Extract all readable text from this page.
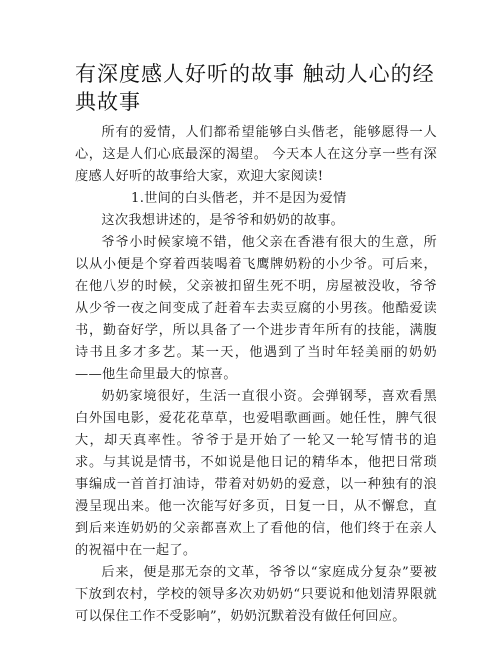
有深度感人好听的故事 触动人心的经典故事

所有的爱情，人们都希望能够白头偕老，能够愿得一人心，这是人们心底最深的渴望。 今天本人在这分享一些有深度感人好听的故事给大家，欢迎大家阅读!

1.世间的白头偕老，并不是因为爱情

这次我想讲述的，是爷爷和奶奶的故事。

爷爷小时候家境不错，他父亲在香港有很大的生意，所以从小便是个穿着西装喝着飞鹰牌奶粉的小少爷。可后来，在他八岁的时候，父亲被扣留生死不明，房屋被没收，爷爷从少爷一夜之间变成了赶着车去卖豆腐的小男孩。他酷爱读书，勤奋好学，所以具备了一个进步青年所有的技能，满腹诗书且多才多艺。某一天，他遇到了当时年轻美丽的奶奶——他生命里最大的惊喜。

奶奶家境很好，生活一直很小资。会弹钢琴，喜欢看黑白外国电影，爱花花草草，也爱唱歌画画。她任性，脾气很大，却天真率性。爷爷于是开始了一轮又一轮写情书的追求。与其说是情书，不如说是他日记的精华本，他把日常琐事编成一首首打油诗，带着对奶奶的爱意，以一种独有的浪漫呈现出来。他一次能写好多页，日复一日，从不懈怠，直到后来连奶奶的父亲都喜欢上了看他的信，他们终于在亲人的祝福中在一起了。

后来，便是那无奈的文革，爷爷以“家庭成分复杂”要被下放到农村，学校的领导多次劝奶奶“只要说和他划清界限就可以保住工作不受影响”，奶奶沉默着没有做任何回应。
